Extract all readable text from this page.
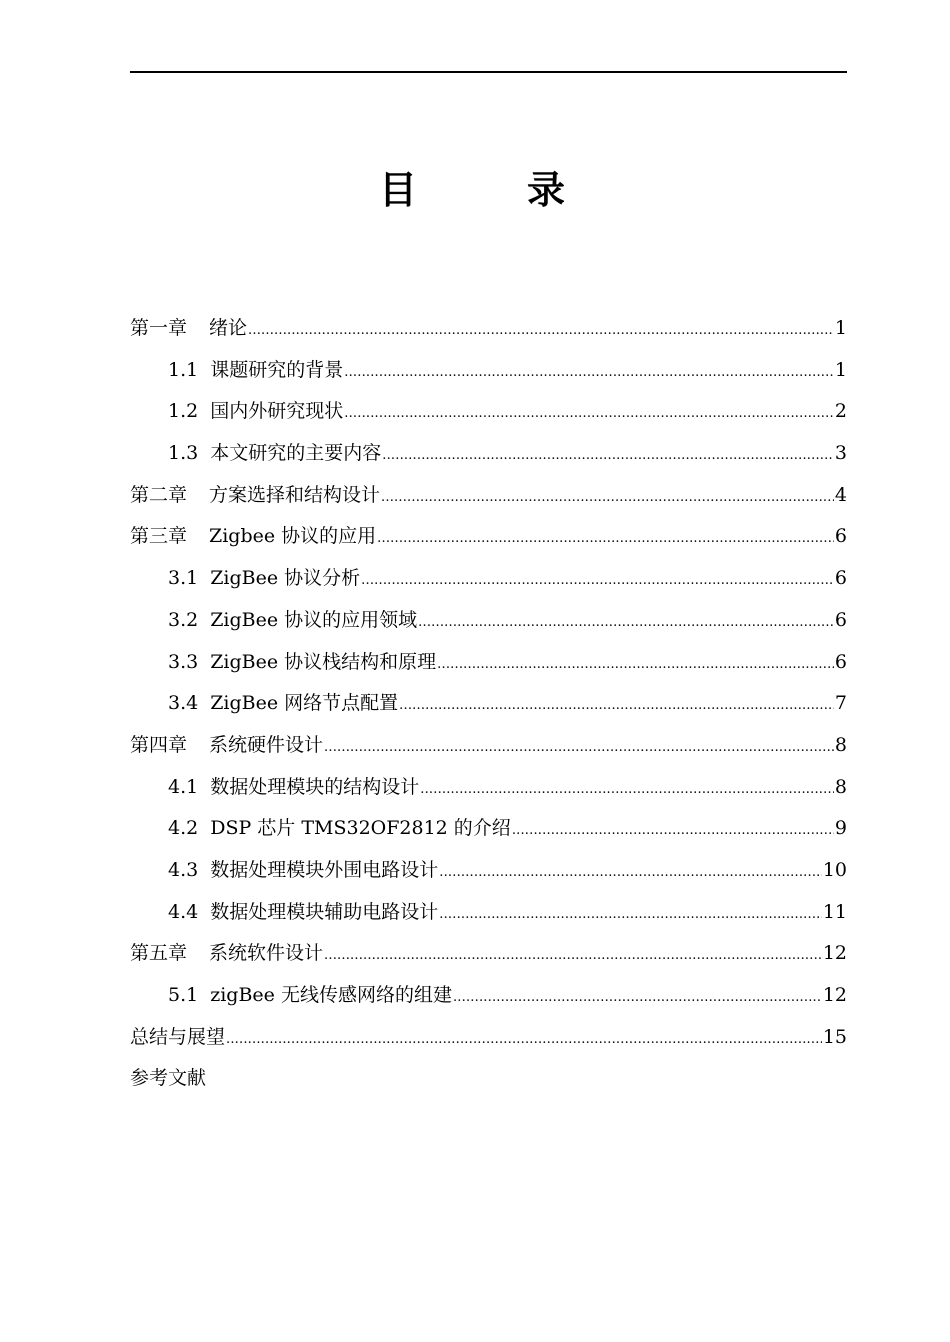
目　录
第一章	绪论 .....	1
1.1 课题研究的背景 .....	1
1.2 国内外研究现状 .....	2
1.3 本文研究的主要内容 .....	3
第二章	方案选择和结构设计 .....	4
第三章	Zigbee 协议的应用 .....	6
3.1 ZigBee 协议分析 .....	6
3.2 ZigBee 协议的应用领域 .....	6
3.3 ZigBee 协议栈结构和原理 .....	6
3.4 ZigBee 网络节点配置 .....	7
第四章	系统硬件设计 .....	8
4.1 数据处理模块的结构设计 .....	8
4.2 DSP 芯片 TMS32OF2812 的介绍 .....	9
4.3 数据处理模块外围电路设计 .....	10
4.4 数据处理模块辅助电路设计 .....	11
第五章	系统软件设计 .....	12
5.1 zigBee 无线传感网络的组建 .....	12
总结与展望 .....	15
参考文献
